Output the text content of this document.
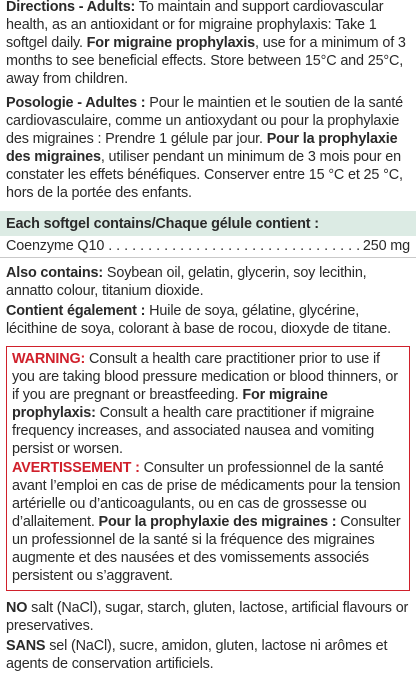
Directions - Adults: To maintain and support cardiovascular health, as an antioxidant or for migraine prophylaxis: Take 1 softgel daily. For migraine prophylaxis, use for a minimum of 3 months to see beneficial effects. Store between 15°C and 25°C, away from children.

Posologie - Adultes : Pour le maintien et le soutien de la santé cardiovasculaire, comme un antioxydant ou pour la prophylaxie des migraines : Prendre 1 gélule par jour. Pour la prophylaxie des migraines, utiliser pendant un minimum de 3 mois pour en constater les effets bénéfiques. Conserver entre 15 °C et 25 °C, hors de la portée des enfants.

Each softgel contains/Chaque gélule contient :
Coenzyme Q10
. . .	250 mg

Also contains: Soybean oil, gelatin, glycerin, soy lecithin, annatto colour, titanium dioxide.

Contient également : Huile de soya, gélatine, glycérine, lécithine de soya, colorant à base de rocou, dioxyde de titane.

WARNING: Consult a health care practitioner prior to use if you are taking blood pressure medication or blood thinners, or if you are pregnant or breastfeeding. For migraine prophylaxis: Consult a health care practitioner if migraine frequency increases, and associated nausea and vomiting persist or worsen.

AVERTISSEMENT : Consulter un professionnel de la santé avant l’emploi en cas de prise de médicaments pour la tension artérielle ou d’anticoagulants, ou en cas de grossesse ou d’allaitement. Pour la prophylaxie des migraines : Consulter un professionnel de la santé si la fréquence des migraines augmente et des nausées et des vomissements associés persistent ou s’aggravent.

NO salt (NaCl), sugar, starch, gluten, lactose, artificial flavours or preservatives.

SANS sel (NaCl), sucre, amidon, gluten, lactose ni arômes et agents de conservation artificiels.
